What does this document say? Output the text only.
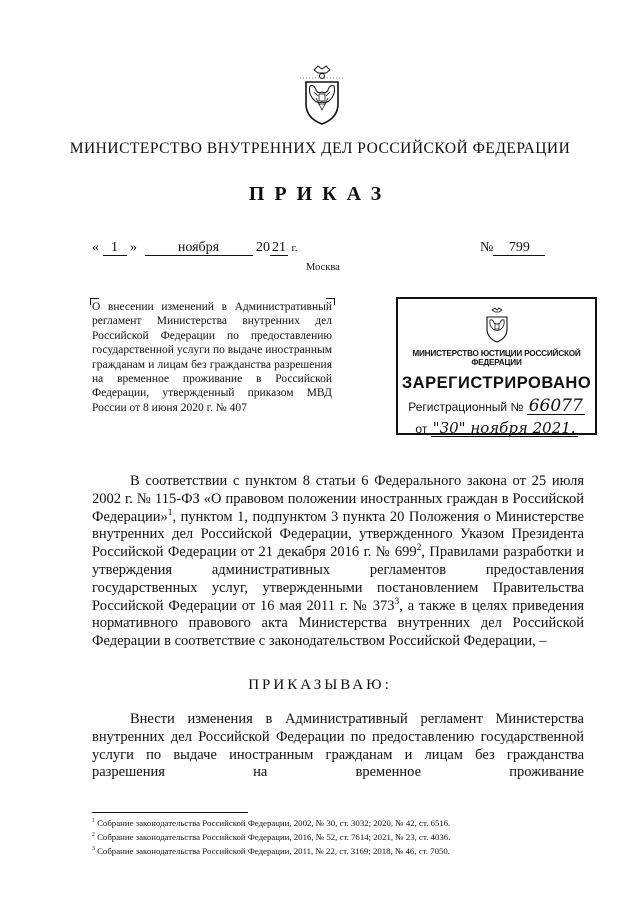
МИНИСТЕРСТВО ВНУТРЕННИХ ДЕЛ РОССИЙСКОЙ ФЕДЕРАЦИИ
ПРИКАЗ
« 1 »	ноября	20 21 г.	№ 799
Москва
О внесении изменений в Административный регламент Министерства внутренних дел Российской Федерации по предоставлению государственной услуги по выдаче иностранным гражданам и лицам без гражданства разрешения на временное проживание в Российской Федерации, утвержденный приказом МВД России от 8 июня 2020 г. № 407
МИНИСТЕРСТВО ЮСТИЦИИ РОССИЙСКОЙ ФЕДЕРАЦИИ
ЗАРЕГИСТРИРОВАНО
Регистрационный № 66077
от "30" ноября 2021.
В соответствии с пунктом 8 статьи 6 Федерального закона от 25 июля 2002 г. № 115-ФЗ «О правовом положении иностранных граждан в Российской Федерации»$^1$, пунктом 1, подпунктом 3 пункта 20 Положения о Министерстве внутренних дел Российской Федерации, утвержденного Указом Президента Российской Федерации от 21 декабря 2016 г. № $699^2$, Правилами разработки и утверждения административных регламентов предоставления государственных услуг, утвержденными постановлением Правительства Российской Федерации от 16 мая 2011 г. № $373^3$, а также в целях приведения нормативного правового акта Министерства внутренних дел Российской Федерации в соответствие с законодательством Российской Федерации, –
ПРИКАЗЫВАЮ:
Внести изменения в Административный регламент Министерства внутренних дел Российской Федерации по предоставлению государственной услуги по выдаче иностранным гражданам и лицам без гражданства разрешения на временное проживание
$^1$ Собрание законодательства Российской Федерации, 2002, № 30, ст. 3032; 2020, № 42, ст. 6516.
$^2$ Собрание законодательства Российской Федерации, 2016, № 52, ст. 7614; 2021, № 23, ст. 4036.
$^3$ Собрание законодательства Российской Федерации, 2011, № 22, ст. 3169; 2018, № 46, ст. 7050.
